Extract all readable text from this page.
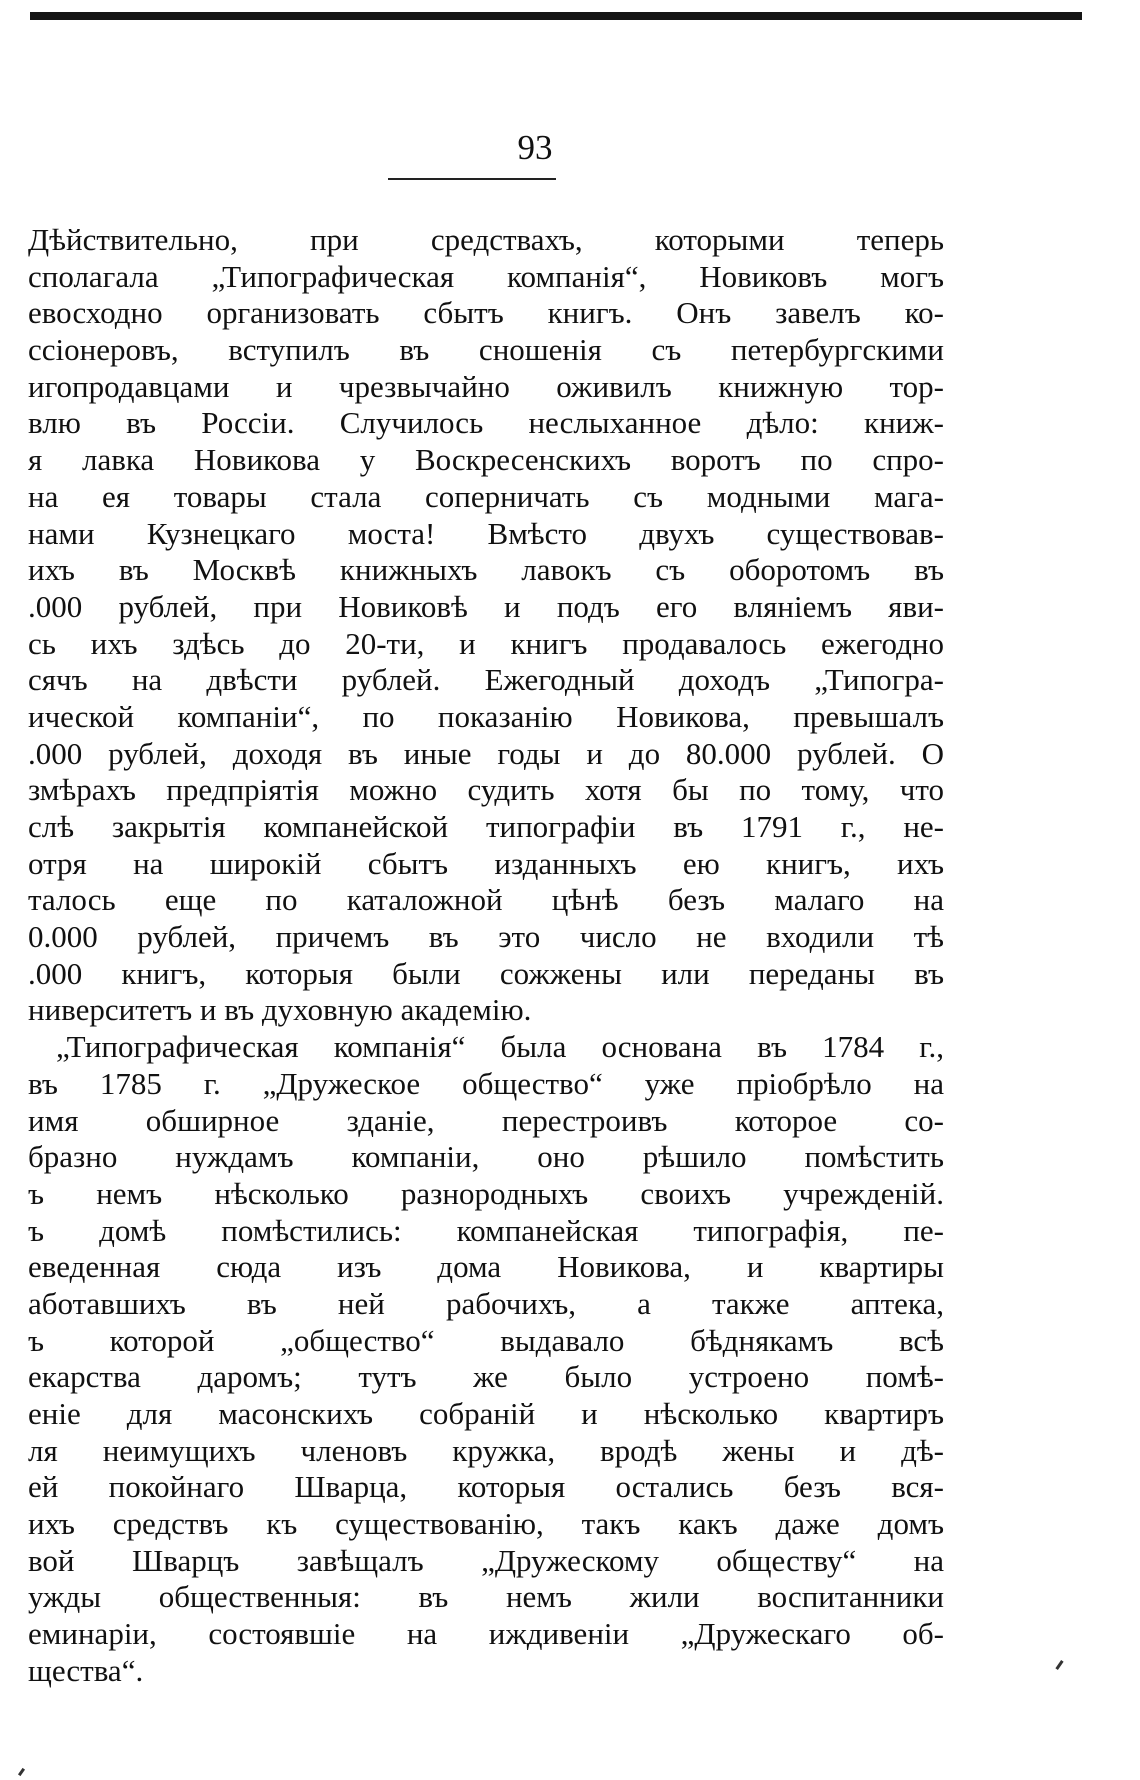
93
Дѣйствительно, при средствахъ, которыми теперь
сполагала „Типографическая компанія“, Новиковъ могъ
евосходно организовать сбытъ книгъ. Онъ завелъ ко-
ссіонеровъ, вступилъ въ сношенія съ петербургскими
игопродавцами и чрезвычайно оживилъ книжную тор-
влю въ Россіи. Случилось неслыханное дѣло: книж-
я лавка Новикова у Воскресенскихъ воротъ по спро-
на ея товары стала соперничать съ модными мага-
нами Кузнецкаго моста! Вмѣсто двухъ существовав-
ихъ въ Москвѣ книжныхъ лавокъ съ оборотомъ въ
.000 рублей, при Новиковѣ и подъ его вляніемъ яви-
сь ихъ здѣсь до 20-ти, и книгъ продавалось ежегодно
сячъ на двѣсти рублей. Ежегодный доходъ „Типогра-
ической компаніи“, по показанію Новикова, превышалъ
.000 рублей, доходя въ иные годы и до 80.000 рублей. О
змѣрахъ предпріятія можно судить хотя бы по тому, что
слѣ закрытія компанейской типографіи въ 1791 г., не-
отря на широкій сбытъ изданныхъ ею книгъ, ихъ
талось еще по каталожной цѣнѣ безъ малаго на
0.000 рублей, причемъ въ это число не входили тѣ
.000 книгъ, которыя были сожжены или переданы въ
ниверситетъ и въ духовную академію.
„Типографическая компанія“ была основана въ 1784 г.,
въ 1785 г. „Дружеское общество“ уже пріобрѣло на
имя обширное зданіе, перестроивъ которое со-
бразно нуждамъ компаніи, оно рѣшило помѣстить
ъ немъ нѣсколько разнородныхъ своихъ учрежденій.
ъ домѣ помѣстились: компанейская типографія, пе-
еведенная сюда изъ дома Новикова, и квартиры
аботавшихъ въ ней рабочихъ, а также аптека,
ъ которой „общество“ выдавало бѣднякамъ всѣ
екарства даромъ; тутъ же было устроено помѣ-
еніе для масонскихъ собраній и нѣсколько квартиръ
ля неимущихъ членовъ кружка, вродѣ жены и дѣ-
ей покойнаго Шварца, которыя остались безъ вся-
ихъ средствъ къ существованію, такъ какъ даже домъ
вой Шварцъ завѣщалъ „Дружескому обществу“ на
ужды общественныя: въ немъ жили воспитанники
еминаріи, состоявшіе на иждивеніи „Дружескаго об-
щества“.
